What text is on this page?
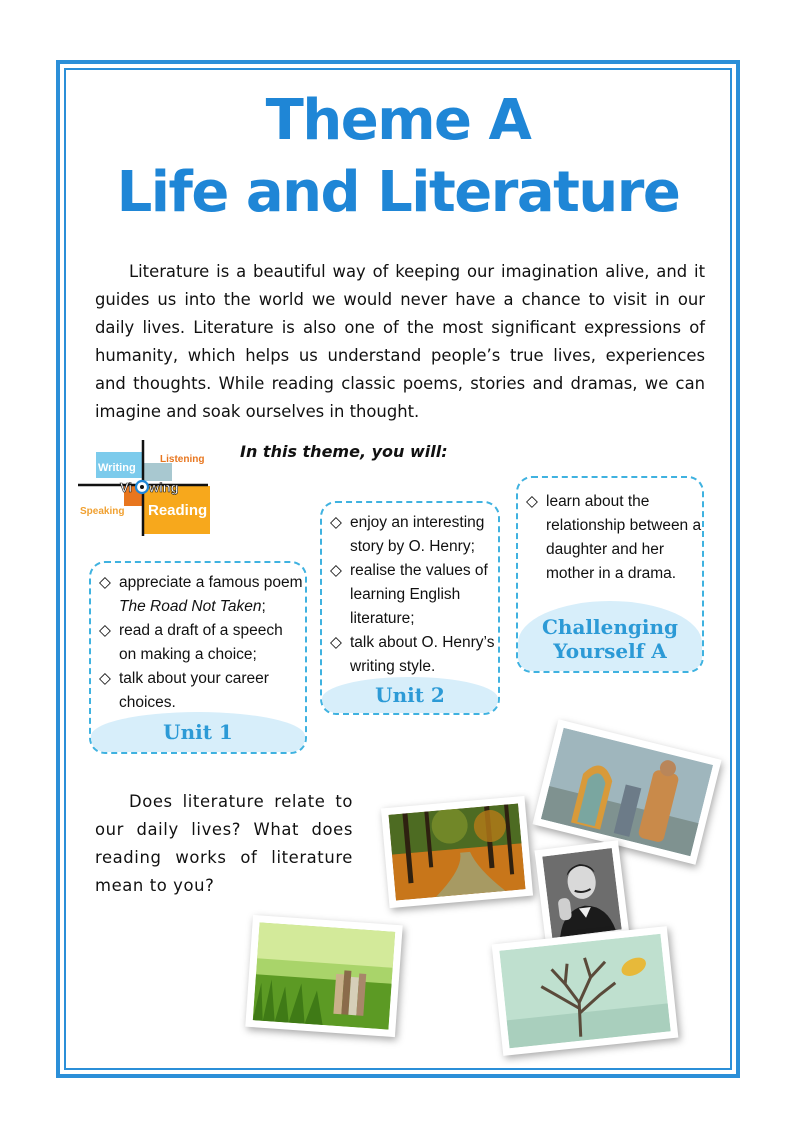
Theme A
Life and Literature

Literature is a beautiful way of keeping our imagination alive, and it guides us into the world we would never have a chance to visit in our daily lives. Literature is also one of the most significant expressions of humanity, which helps us understand people’s true lives, experiences and thoughts. While reading classic poems, stories and dramas, we can imagine and soak ourselves in thought.

Writing
Listening
Speaking Reading
Vi wing
In this theme, you will:
◇ appreciate a famous poem The Road Not Taken;
◇ read a draft of a speech on making a choice;
◇ talk about your career choices.
Unit 1
◇ enjoy an interesting story by O. Henry;
◇ realise the values of learning English literature;
◇ talk about O. Henry’s writing style.
Unit 2
◇ learn about the relationship between a daughter and her mother in a drama.
Challenging
Yourself A

Does literature relate to our daily lives? What does reading works of literature mean to you?
